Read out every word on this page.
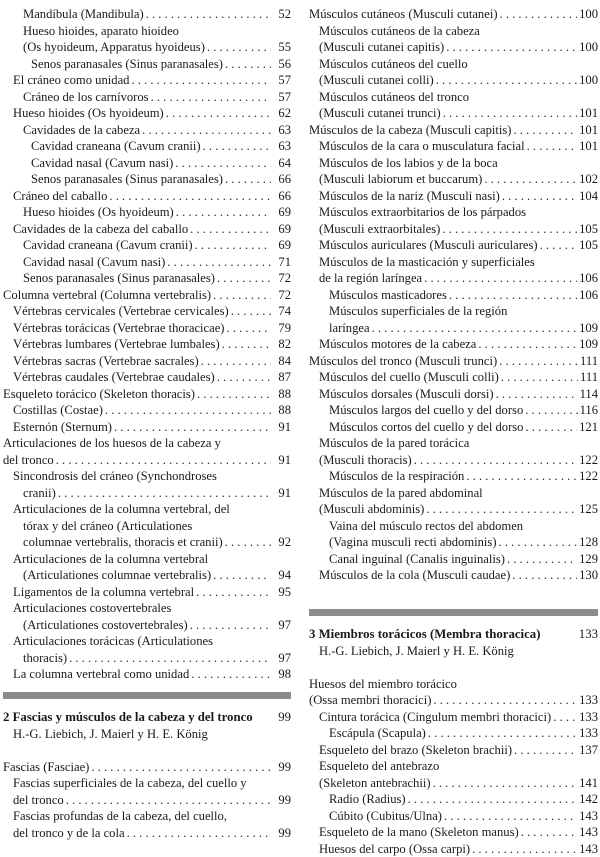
Mandíbula (Mandibula) . . .	52
Hueso hioides, aparato hioideo
(Os hyoideum, Apparatus hyoideus) . . .	55
Senos paranasales (Sinus paranasales) . . .	56
El cráneo como unidad . . .	57
Cráneo de los carnívoros . . .	57
Hueso hioides (Os hyoideum) . . .	62
Cavidades de la cabeza . . .	63
Cavidad craneana (Cavum cranii) . . .	63
Cavidad nasal (Cavum nasi) . . .	64
Senos paranasales (Sinus paranasales) . . .	66
Cráneo del caballo . . .	66
Hueso hioides (Os hyoideum) . . .	69
Cavidades de la cabeza del caballo . . .	69
Cavidad craneana (Cavum cranii) . . .	69
Cavidad nasal (Cavum nasi) . . .	71
Senos paranasales (Sinus paranasales) . . .	72
Columna vertebral (Columna vertebralis) . . .	72
Vértebras cervicales (Vertebrae cervicales) . . .	74
Vértebras torácicas (Vertebrae thoracicae) . . .	79
Vértebras lumbares (Vertebrae lumbales) . . .	82
Vértebras sacras (Vertebrae sacrales) . . .	84
Vértebras caudales (Vertebrae caudales) . . .	87
Esqueleto torácico (Skeleton thoracis) . . .	88
Costillas (Costae) . . .	88
Esternón (Sternum) . . .	91
Articulaciones de los huesos de la cabeza y
del tronco . . .	91
Sincondrosis del cráneo (Synchondroses
cranii) . . .	91
Articulaciones de la columna vertebral, del
tórax y del cráneo (Articulationes
columnae vertebralis, thoracis et cranii) . . .	92
Articulaciones de la columna vertebral
(Articulationes columnae vertebralis) . . .	94
Ligamentos de la columna vertebral . . .	95
Articulaciones costovertebrales
(Articulationes costovertebrales) . . .	97
Articulaciones torácicas (Articulationes
thoracis) . . .	97
La columna vertebral como unidad . . .	98
2 Fascias y músculos de la cabeza y del tronco	99
H.-G. Liebich, J. Maierl y H. E. König
Fascias (Fasciae) . . .	99
Fascias superficiales de la cabeza, del cuello y
del tronco . . .	99
Fascias profundas de la cabeza, del cuello,
del tronco y de la cola . . .	99
Músculos cutáneos (Musculi cutanei) . . .	100
Músculos cutáneos de la cabeza
(Musculi cutanei capitis) . . .	100
Músculos cutáneos del cuello
(Musculi cutanei colli) . . .	100
Músculos cutáneos del tronco
(Musculi cutanei trunci) . . .	101
Músculos de la cabeza (Musculi capitis) . . .	101
Músculos de la cara o musculatura facial . . .	101
Músculos de los labios y de la boca
(Musculi labiorum et buccarum) . . .	102
Músculos de la nariz (Musculi nasi) . . .	104
Músculos extraorbitarios de los párpados
(Musculi extraorbitales) . . .	105
Músculos auriculares (Musculi auriculares) . . .	105
Músculos de la masticación y superficiales
de la región laríngea . . .	106
Músculos masticadores . . .	106
Músculos superficiales de la región
laríngea . . .	109
Músculos motores de la cabeza . . .	109
Músculos del tronco (Musculi trunci) . . .	111
Músculos del cuello (Musculi colli) . . .	111
Músculos dorsales (Musculi dorsi) . . .	114
Músculos largos del cuello y del dorso . . .	116
Músculos cortos del cuello y del dorso . . .	121
Músculos de la pared torácica
(Musculi thoracis) . . .	122
Músculos de la respiración . . .	122
Músculos de la pared abdominal
(Musculi abdominis) . . .	125
Vaina del músculo rectos del abdomen
(Vagina musculi recti abdominis) . . .	128
Canal inguinal (Canalis inguinalis) . . .	129
Músculos de la cola (Musculi caudae) . . .	130
3 Miembros torácicos (Membra thoracica)	133
H.-G. Liebich, J. Maierl y H. E. König
Huesos del miembro torácico
(Ossa membri thoracici) . . .	133
Cintura torácica (Cingulum membri thoracici) . . . 133
Escápula (Scapula) . . .	133
Esqueleto del brazo (Skeleton brachii) . . .	137
Esqueleto del antebrazo
(Skeleton antebrachii) . . .	141
Radio (Radius) . . .	142
Cúbito (Cubitus/Ulna) . . .	143
Esqueleto de la mano (Skeleton manus) . . .	143
Huesos del carpo (Ossa carpi) . . .	143
